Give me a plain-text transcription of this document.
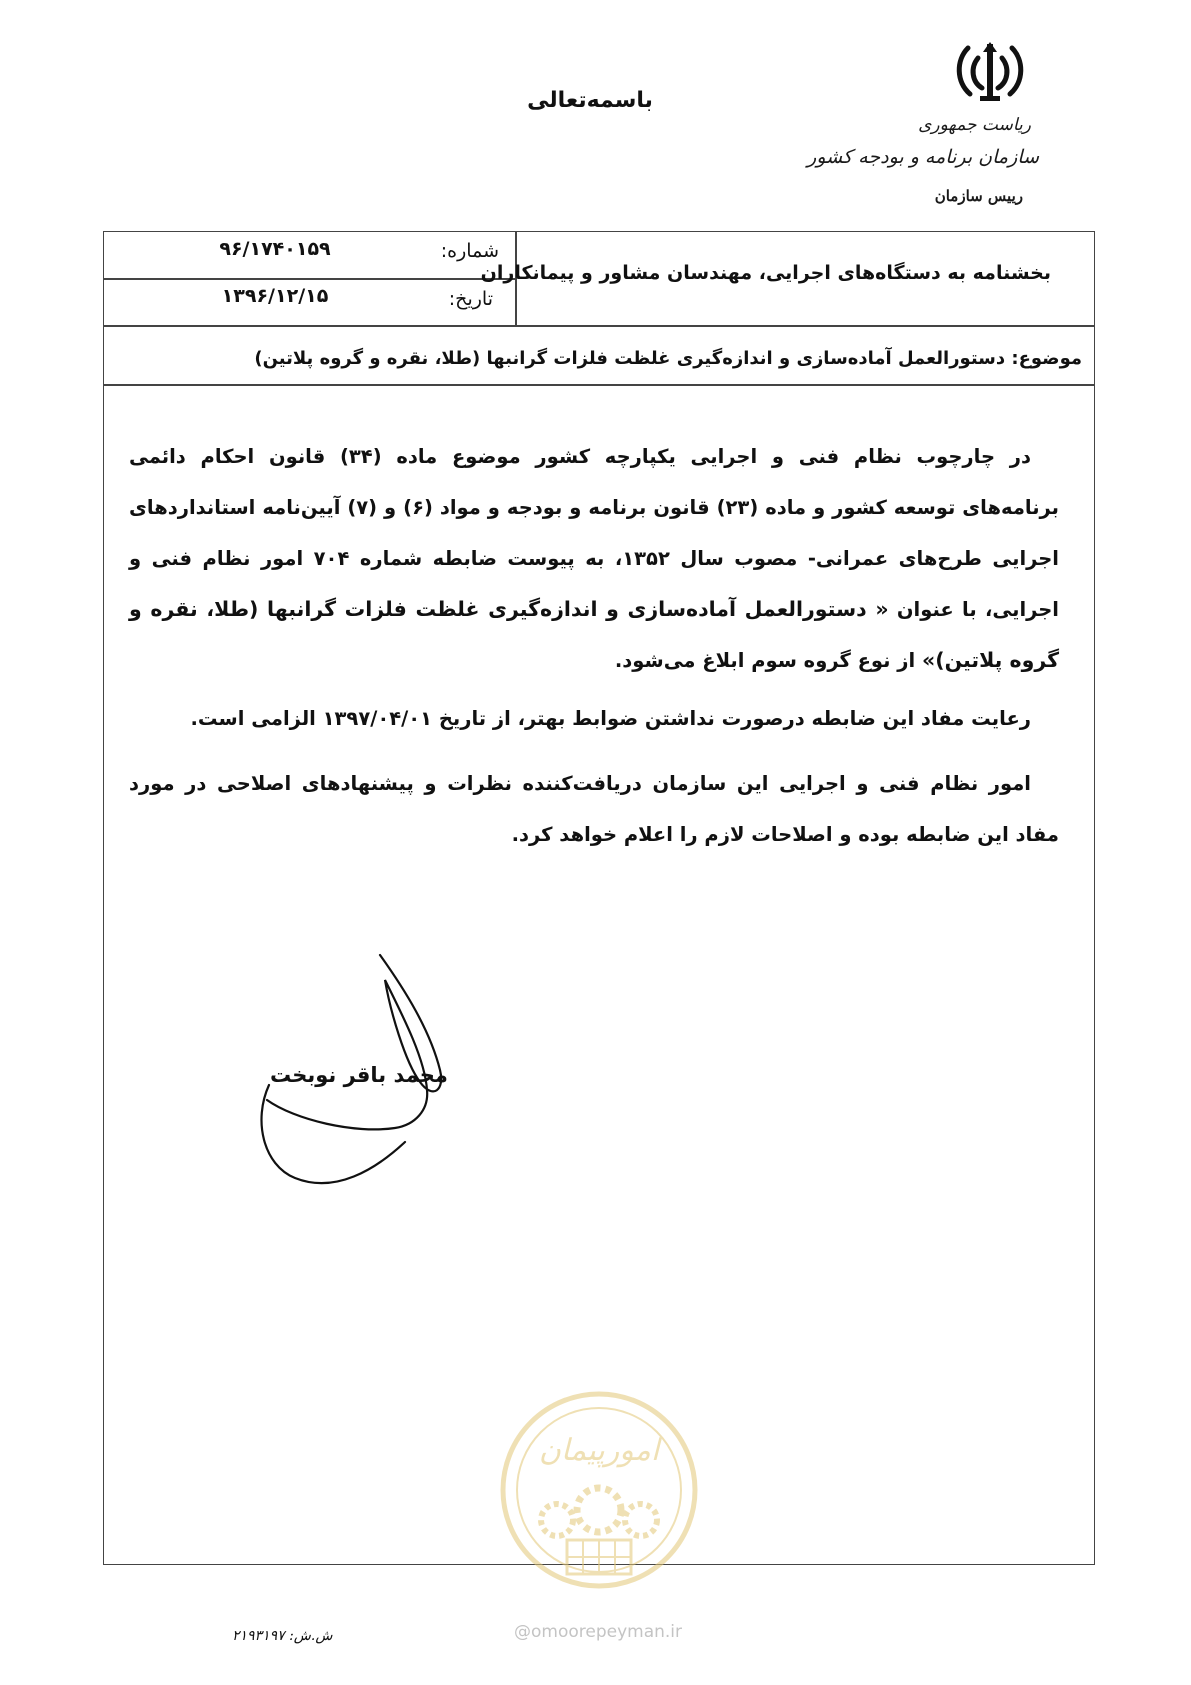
باسمه‌تعالی
ریاست جمهوری
سازمان برنامه و بودجه کشور
رییس سازمان
بخشنامه به دستگاه‌های اجرایی، مهندسان مشاور و پیمانکاران
شماره:
۹۶/۱۷۴۰۱۵۹
تاریخ:
۱۳۹۶/۱۲/۱۵
موضوع: دستورالعمل آماده‌سازی و اندازه‌گیری غلظت فلزات گرانبها (طلا، نقره و گروه پلاتین)
در چارچوب نظام فنی و اجرایی یکپارچه کشور موضوع ماده (۳۴) قانون احکام دائمی برنامه‌های توسعه کشور و ماده (۲۳) قانون برنامه و بودجه و مواد (۶) و (۷) آیین‌نامه استانداردهای اجرایی طرح‌های عمرانی- مصوب سال ۱۳۵۲، به پیوست ضابطه شماره ۷۰۴ امور نظام فنی و اجرایی، با عنوان « دستورالعمل آماده‌سازی و اندازه‌گیری غلظت فلزات گرانبها (طلا، نقره و گروه پلاتین)» از نوع گروه سوم ابلاغ می‌شود.
رعایت مفاد این ضابطه درصورت نداشتن ضوابط بهتر، از تاریخ ۱۳۹۷/۰۴/۰۱ الزامی است.
امور نظام فنی و اجرایی این سازمان دریافت‌کننده نظرات و پیشنهادهای اصلاحی در مورد مفاد این ضابطه بوده و اصلاحات لازم را اعلام خواهد کرد.
محمد باقر نوبخت
امورپیمان
@omoorepeyman.ir
ش.ش: ۲۱۹۳۱۹۷
